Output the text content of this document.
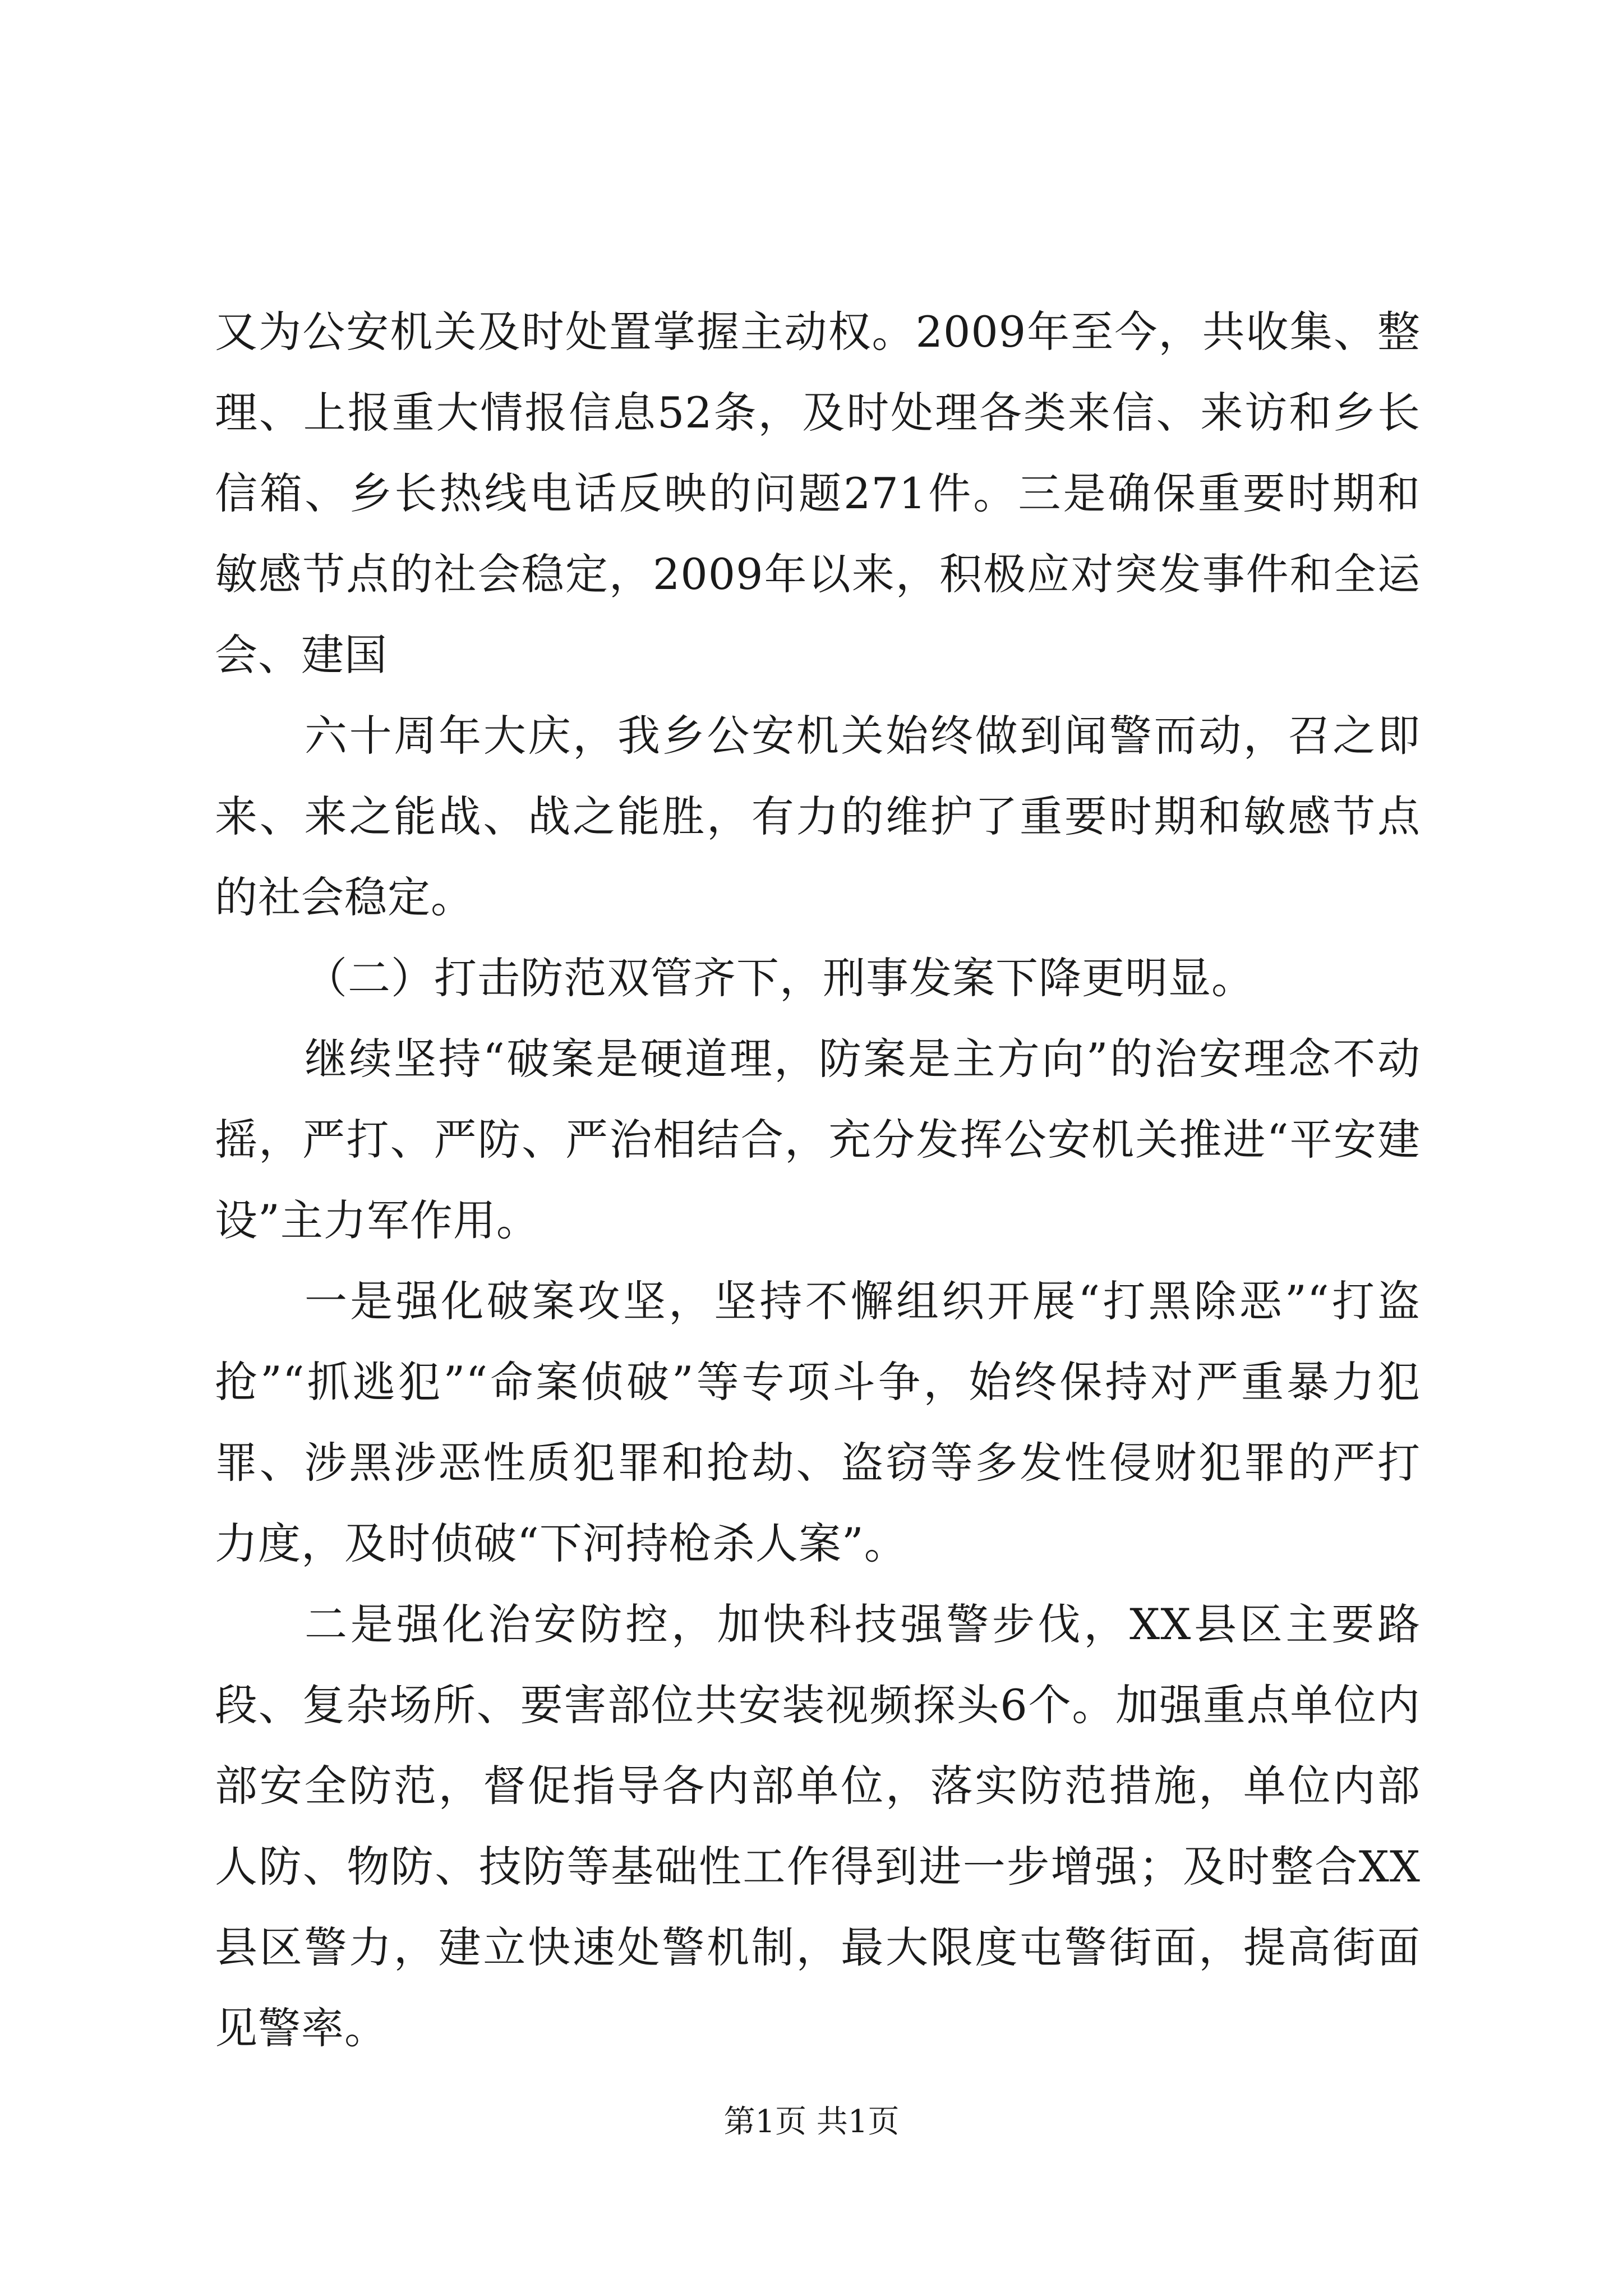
又为公安机关及时处置掌握主动权。2009年至今，共收集、整理、上报重大情报信息52条，及时处理各类来信、来访和乡长信箱、乡长热线电话反映的问题271件。三是确保重要时期和敏感节点的社会稳定，2009年以来，积极应对突发事件和全运会、建国

六十周年大庆，我乡公安机关始终做到闻警而动，召之即来、来之能战、战之能胜，有力的维护了重要时期和敏感节点的社会稳定。

（二）打击防范双管齐下，刑事发案下降更明显。

继续坚持“破案是硬道理，防案是主方向”的治安理念不动摇，严打、严防、严治相结合，充分发挥公安机关推进“平安建设”主力军作用。

一是强化破案攻坚，坚持不懈组织开展“打黑除恶”“打盗抢”“抓逃犯”“命案侦破”等专项斗争，始终保持对严重暴力犯罪、涉黑涉恶性质犯罪和抢劫、盗窃等多发性侵财犯罪的严打力度，及时侦破“下河持枪杀人案”。

二是强化治安防控，加快科技强警步伐，XX县区主要路段、复杂场所、要害部位共安装视频探头6个。加强重点单位内部安全防范，督促指导各内部单位，落实防范措施，单位内部人防、物防、技防等基础性工作得到进一步增强；及时整合XX县区警力，建立快速处警机制，最大限度屯警街面，提高街面见警率。

第1页 共1页
